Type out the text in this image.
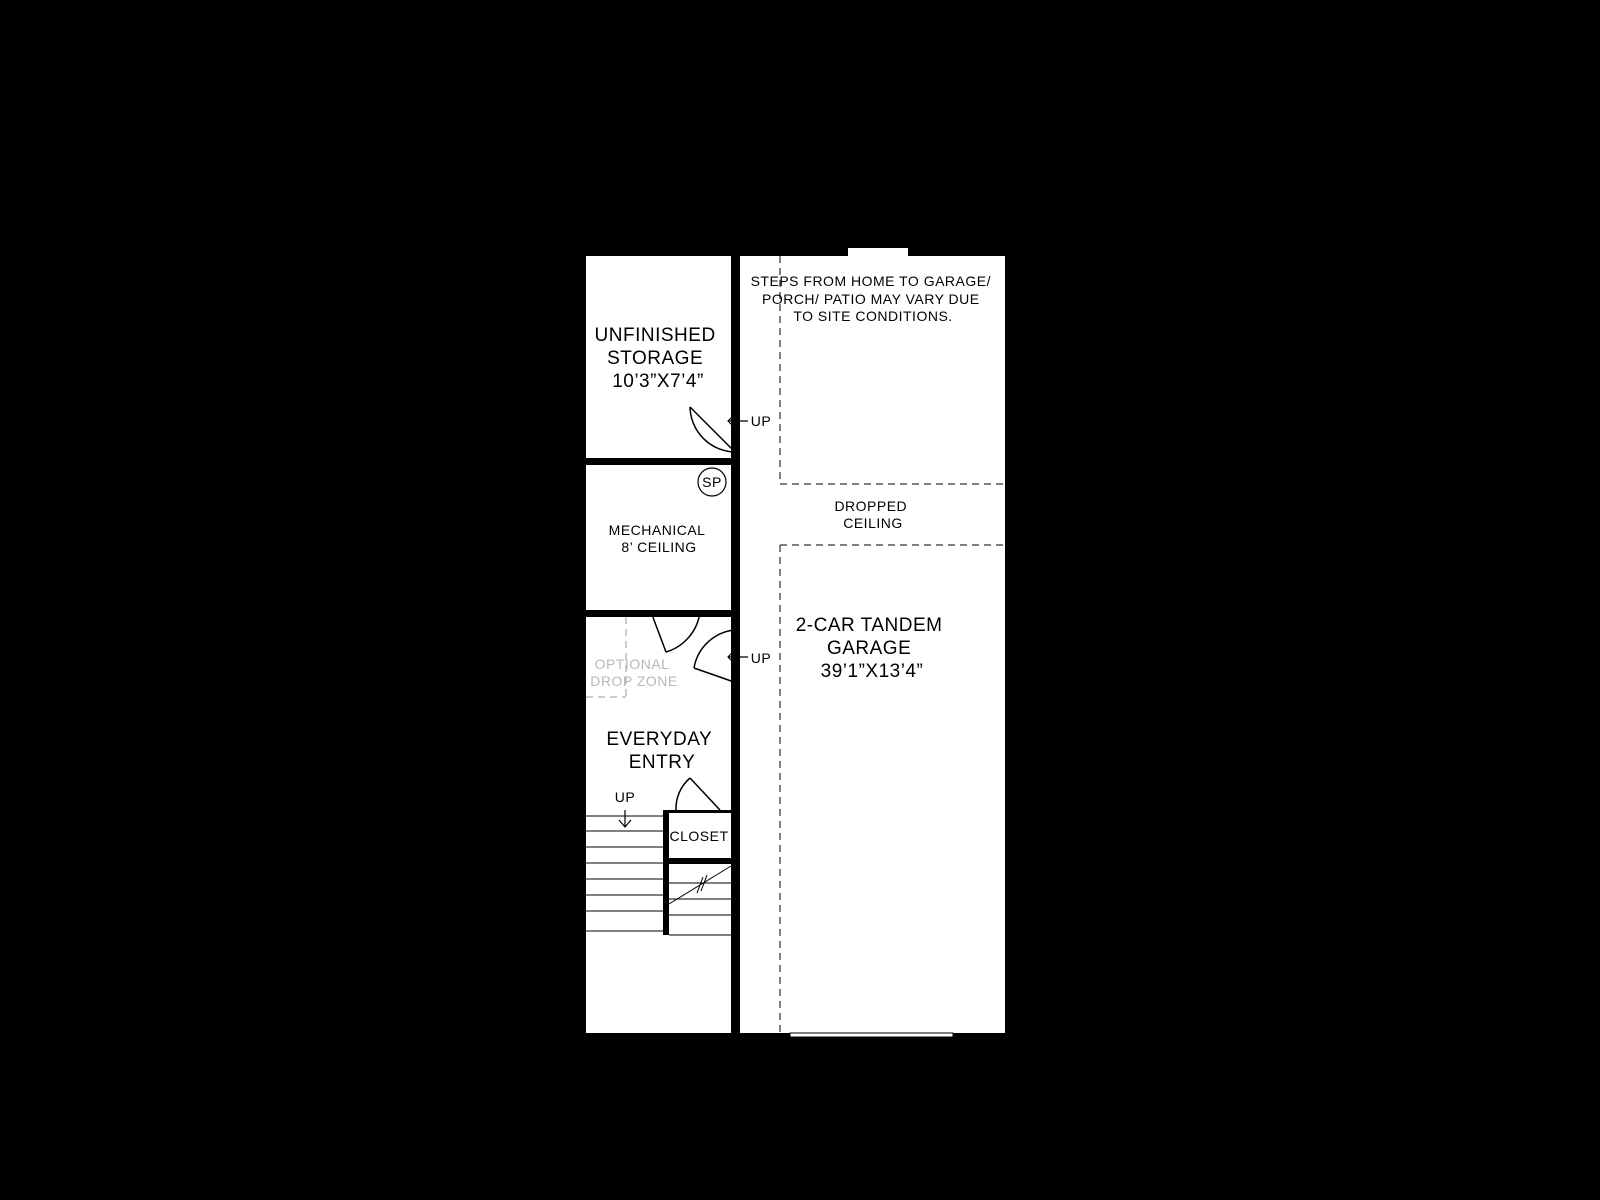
STEPS FROM HOME TO GARAGE/ PORCH/ PATIO MAY VARY DUE TO SITE CONDITIONS.
UNFINISHED STORAGE 10’3”X7’4”
UP
SP
MECHANICAL 8’ CEILING
DROPPED CEILING
OPTIONAL DROP ZONE
UP
2-CAR TANDEM GARAGE 39’1”X13’4”
EVERYDAY ENTRY
UP
CLOSET
